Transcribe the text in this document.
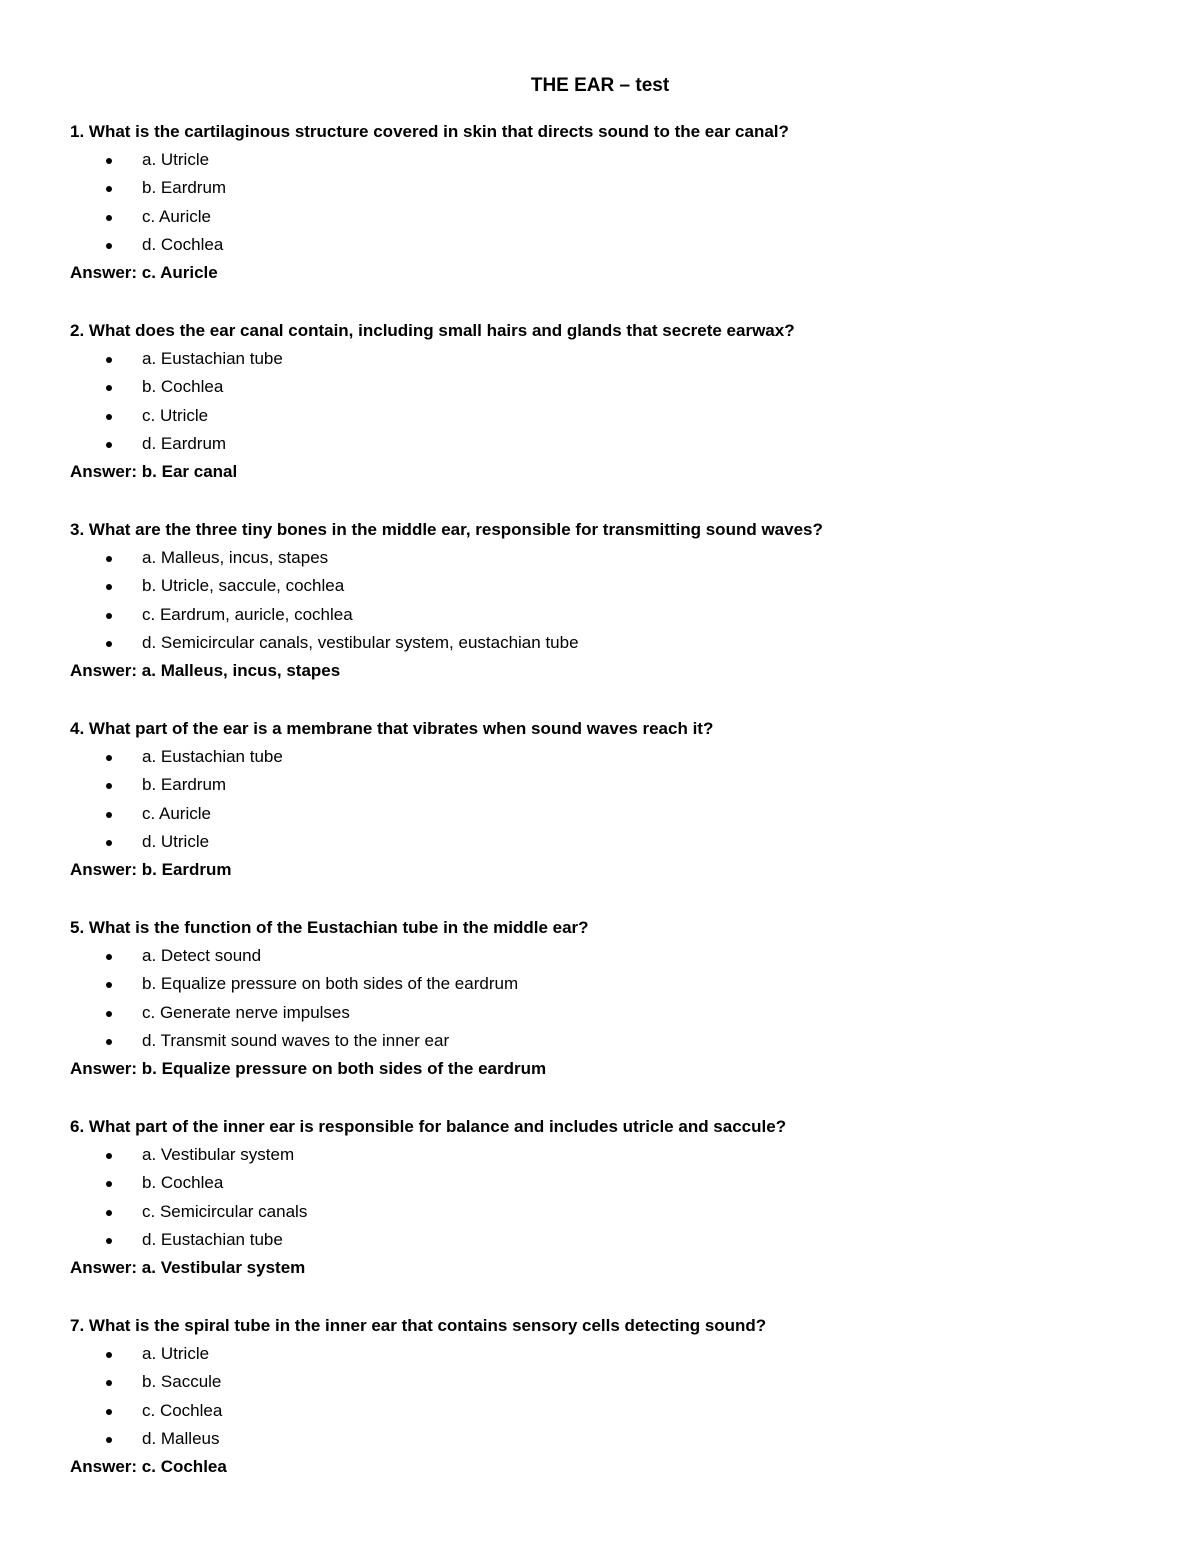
THE EAR – test
1. What is the cartilaginous structure covered in skin that directs sound to the ear canal?
a. Utricle
b. Eardrum
c. Auricle
d. Cochlea
Answer: c. Auricle
2. What does the ear canal contain, including small hairs and glands that secrete earwax?
a. Eustachian tube
b. Cochlea
c. Utricle
d. Eardrum
Answer: b. Ear canal
3. What are the three tiny bones in the middle ear, responsible for transmitting sound waves?
a. Malleus, incus, stapes
b. Utricle, saccule, cochlea
c. Eardrum, auricle, cochlea
d. Semicircular canals, vestibular system, eustachian tube
Answer: a. Malleus, incus, stapes
4. What part of the ear is a membrane that vibrates when sound waves reach it?
a. Eustachian tube
b. Eardrum
c. Auricle
d. Utricle
Answer: b. Eardrum
5. What is the function of the Eustachian tube in the middle ear?
a. Detect sound
b. Equalize pressure on both sides of the eardrum
c. Generate nerve impulses
d. Transmit sound waves to the inner ear
Answer: b. Equalize pressure on both sides of the eardrum
6. What part of the inner ear is responsible for balance and includes utricle and saccule?
a. Vestibular system
b. Cochlea
c. Semicircular canals
d. Eustachian tube
Answer: a. Vestibular system
7. What is the spiral tube in the inner ear that contains sensory cells detecting sound?
a. Utricle
b. Saccule
c. Cochlea
d. Malleus
Answer: c. Cochlea
